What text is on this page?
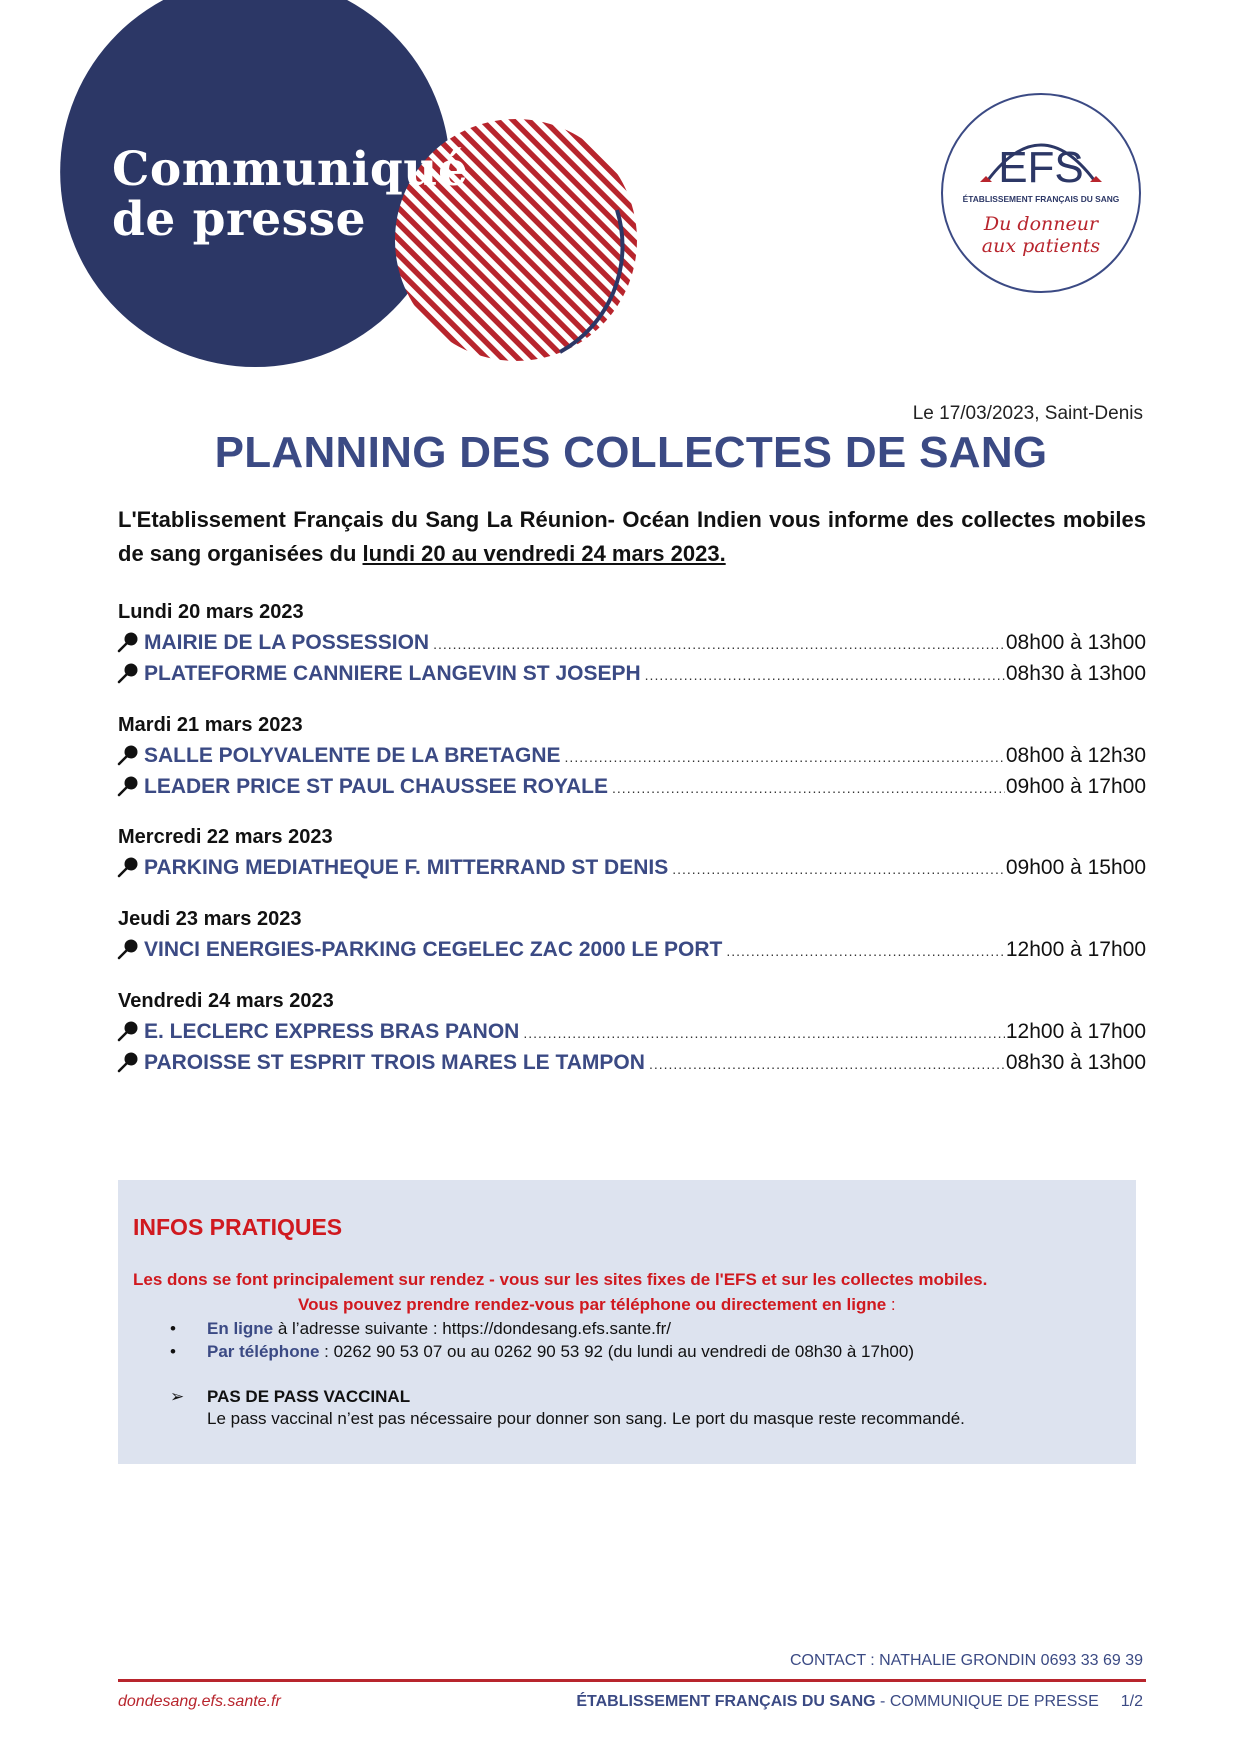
Communiqué
de presse
EFS
ÉTABLISSEMENT FRANÇAIS DU SANG
Du donneur
aux patients
Le 17/03/2023, Saint-Denis
PLANNING DES COLLECTES DE SANG
L'Etablissement Français du Sang La Réunion- Océan Indien vous informe des collectes mobiles de sang organisées du lundi 20 au vendredi 24 mars 2023.
Lundi 20 mars 2023
MAIRIE DE LA POSSESSION .....	08h00 à 13h00
PLATEFORME CANNIERE LANGEVIN ST JOSEPH .....	08h30 à 13h00
Mardi 21 mars 2023
SALLE POLYVALENTE DE LA BRETAGNE .....	08h00 à 12h30
LEADER PRICE ST PAUL CHAUSSEE ROYALE .....	09h00 à 17h00
Mercredi 22 mars 2023
PARKING MEDIATHEQUE F. MITTERRAND ST DENIS .....	09h00 à 15h00
Jeudi 23 mars 2023
VINCI ENERGIES-PARKING CEGELEC ZAC 2000 LE PORT .....	12h00 à 17h00
Vendredi 24 mars 2023
E. LECLERC EXPRESS BRAS PANON .....	12h00 à 17h00
PAROISSE ST ESPRIT TROIS MARES LE TAMPON .....	08h30 à 13h00
INFOS PRATIQUES
Les dons se font principalement sur rendez - vous sur les sites fixes de l'EFS et sur les collectes mobiles.
Vous pouvez prendre rendez-vous par téléphone ou directement en ligne :
• En ligne à l’adresse suivante : https://dondesang.efs.sante.fr/
• Par téléphone : 0262 90 53 07 ou au 0262 90 53 92 (du lundi au vendredi de 08h30 à 17h00)
➢ PAS DE PASS VACCINAL
Le pass vaccinal n’est pas nécessaire pour donner son sang. Le port du masque reste recommandé.
CONTACT : NATHALIE GRONDIN 0693 33 69 39
dondesang.efs.sante.fr	ÉTABLISSEMENT FRANÇAIS DU SANG - COMMUNIQUE DE PRESSE 1/2
